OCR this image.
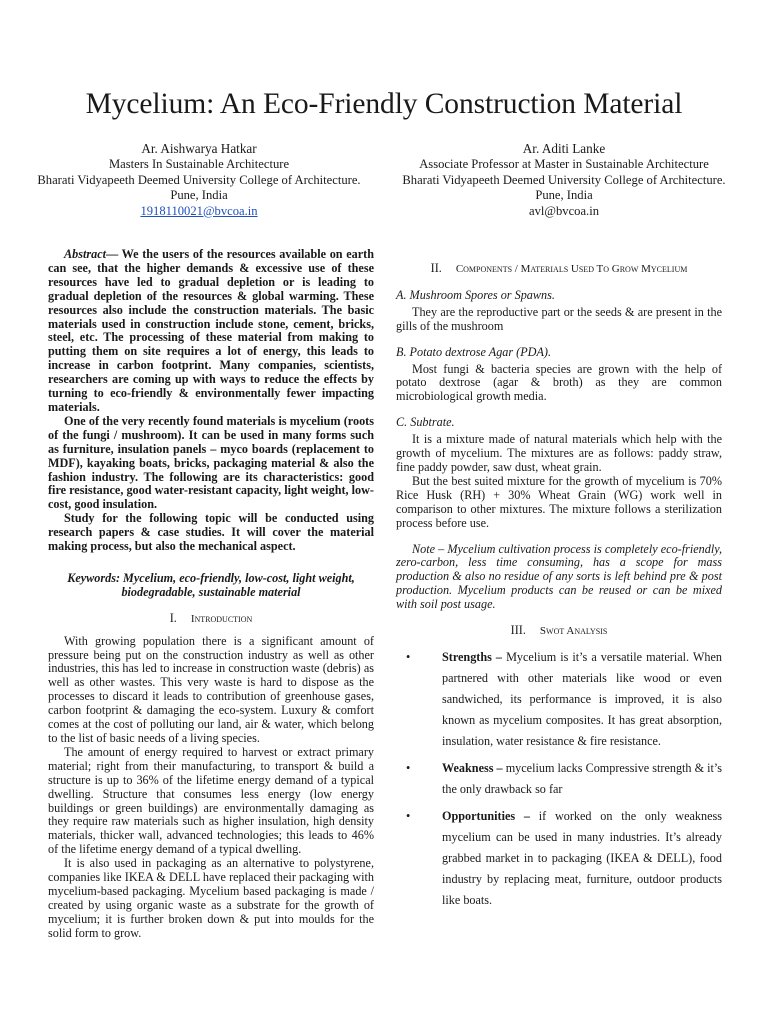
Mycelium: An Eco-Friendly Construction Material
Ar. Aishwarya Hatkar
Masters In Sustainable Architecture
Bharati Vidyapeeth Deemed University College of Architecture.
Pune, India
1918110021@bvcoa.in
Ar. Aditi Lanke
Associate Professor at Master in Sustainable Architecture
Bharati Vidyapeeth Deemed University College of Architecture.
Pune, India
avl@bvcoa.in

Abstract— We the users of the resources available on earth can see, that the higher demands & excessive use of these resources have led to gradual depletion or is leading to gradual depletion of the resources & global warming. These resources also include the construction materials. The basic materials used in construction include stone, cement, bricks, steel, etc. The processing of these material from making to putting them on site requires a lot of energy, this leads to increase in carbon footprint. Many companies, scientists, researchers are coming up with ways to reduce the effects by turning to eco-friendly & environmentally fewer impacting materials.

One of the very recently found materials is mycelium (roots of the fungi / mushroom). It can be used in many forms such as furniture, insulation panels – myco boards (replacement to MDF), kayaking boats, bricks, packaging material & also the fashion industry. The following are its characteristics: good fire resistance, good water-resistant capacity, light weight, low-cost, good insulation.

Study for the following topic will be conducted using research papers & case studies. It will cover the material making process, but also the mechanical aspect.

Keywords: Mycelium, eco-friendly, low-cost, light weight, biodegradable, sustainable material

I. Introduction

With growing population there is a significant amount of pressure being put on the construction industry as well as other industries, this has led to increase in construction waste (debris) as well as other wastes. This very waste is hard to dispose as the processes to discard it leads to contribution of greenhouse gases, carbon footprint & damaging the eco-system. Luxury & comfort comes at the cost of polluting our land, air & water, which belong to the list of basic needs of a living species.

The amount of energy required to harvest or extract primary material; right from their manufacturing, to transport & build a structure is up to 36% of the lifetime energy demand of a typical dwelling. Structure that consumes less energy (low energy buildings or green buildings) are environmentally damaging as they require raw materials such as higher insulation, high density materials, thicker wall, advanced technologies; this leads to 46% of the lifetime energy demand of a typical dwelling.

It is also used in packaging as an alternative to polystyrene, companies like IKEA & DELL have replaced their packaging with mycelium-based packaging. Mycelium based packaging is made / created by using organic waste as a substrate for the growth of mycelium; it is further broken down & put into moulds for the solid form to grow.

II. Components / Materials Used To Grow Mycelium
A. Mushroom Spores or Spawns.

They are the reproductive part or the seeds & are present in the gills of the mushroom

B. Potato dextrose Agar (PDA).

Most fungi & bacteria species are grown with the help of potato dextrose (agar & broth) as they are common microbiological growth media.

C. Subtrate.

It is a mixture made of natural materials which help with the growth of mycelium. The mixtures are as follows: paddy straw, fine paddy powder, saw dust, wheat grain.

But the best suited mixture for the growth of mycelium is 70% Rice Husk (RH) + 30% Wheat Grain (WG) work well in comparison to other mixtures. The mixture follows a sterilization process before use.

Note – Mycelium cultivation process is completely eco-friendly, zero-carbon, less time consuming, has a scope for mass production & also no residue of any sorts is left behind pre & post production. Mycelium products can be reused or can be mixed with soil post usage.

III. Swot Analysis
•	Strengths – Mycelium is it’s a versatile material. When partnered with other materials like wood or even sandwiched, its performance is improved, it is also known as mycelium composites. It has great absorption, insulation, water resistance & fire resistance.
•	Weakness – mycelium lacks Compressive strength & it’s the only drawback so far
•	Opportunities – if worked on the only weakness mycelium can be used in many industries. It’s already grabbed market in to packaging (IKEA & DELL), food industry by replacing meat, furniture, outdoor products like boats.
